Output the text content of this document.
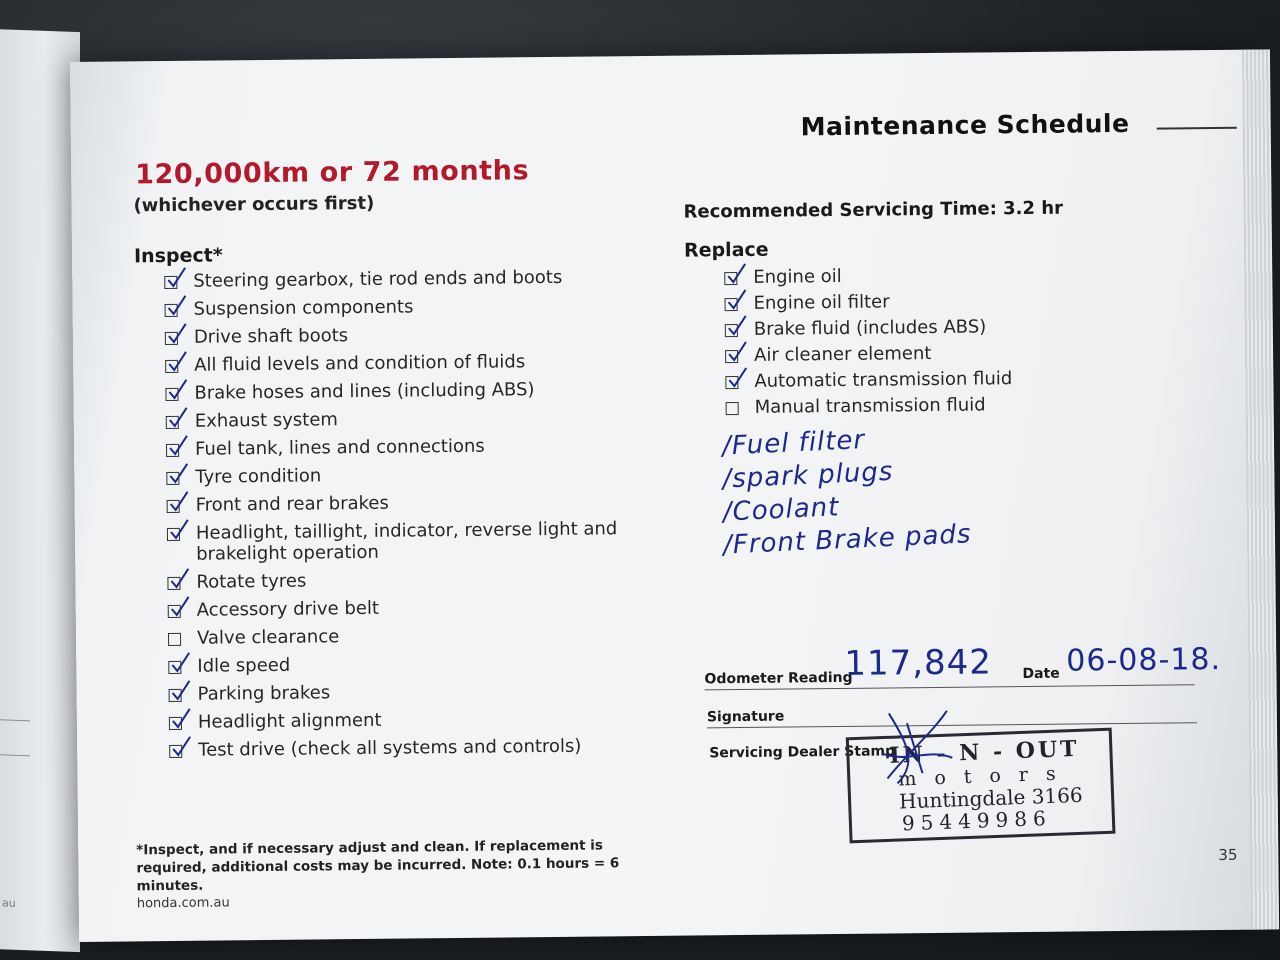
au
Maintenance Schedule
120,000km or 72 months
(whichever occurs first)	Recommended Servicing Time: 3.2 hr
Inspect*
Steering gearbox, tie rod ends and boots
Suspension components
Drive shaft boots
All fluid levels and condition of fluids
Brake hoses and lines (including ABS)
Exhaust system
Fuel tank, lines and connections
Tyre condition
Front and rear brakes
Headlight, taillight, indicator, reverse light and
brakelight operation
Rotate tyres
Accessory drive belt
Valve clearance
Idle speed
Parking brakes
Headlight alignment
Test drive (check all systems and controls)
Replace
Engine oil
Engine oil filter
Brake fluid (includes ABS)
Air cleaner element
Automatic transmission fluid
Manual transmission fluid
/Fuel filter
/spark plugs
/Coolant
/Front Brake pads
Odometer Reading
117,842 Date 06-08-18.
Signature
Servicing Dealer Stamp
IN - N - OUT
motors
Huntingdale 3166
95449986
*Inspect, and if necessary adjust and clean. If replacement is required, additional costs may be incurred. Note: 0.1 hours = 6 minutes.
honda.com.au
35
